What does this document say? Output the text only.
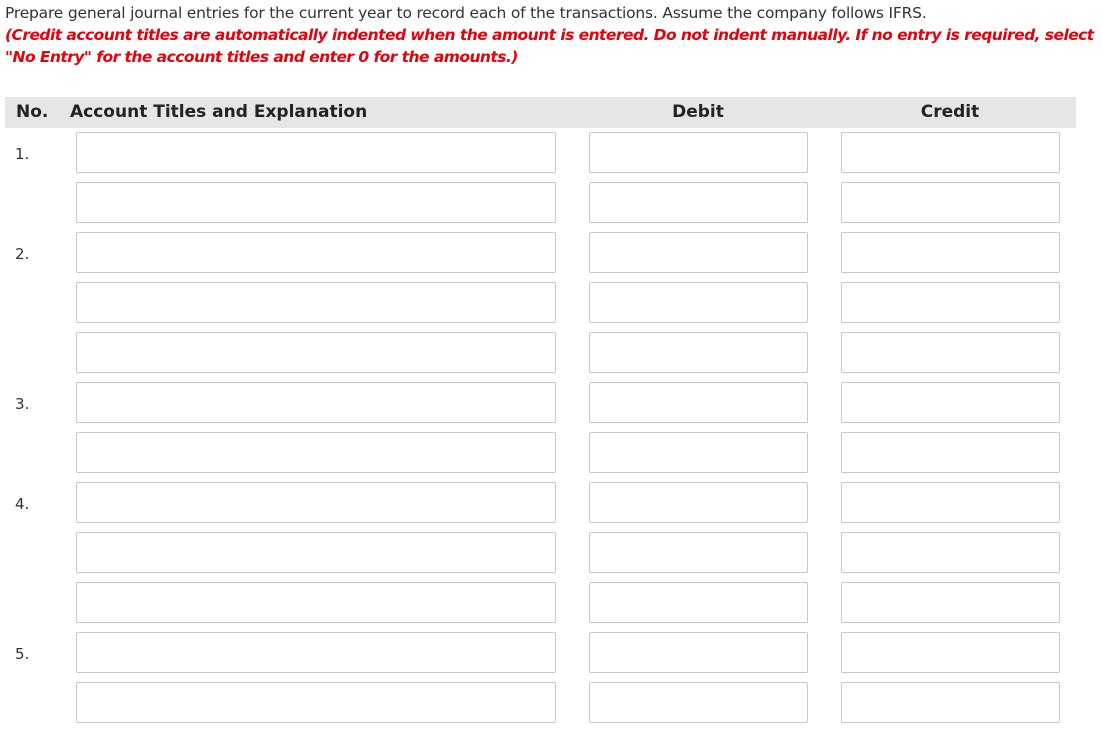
Prepare general journal entries for the current year to record each of the transactions. Assume the company follows IFRS.
(Credit account titles are automatically indented when the amount is entered. Do not indent manually. If no entry is required, select "No Entry" for the account titles and enter 0 for the amounts.)
No. Account Titles and Explanation	Debit	Credit
1.
2.
3.
4.
5.
